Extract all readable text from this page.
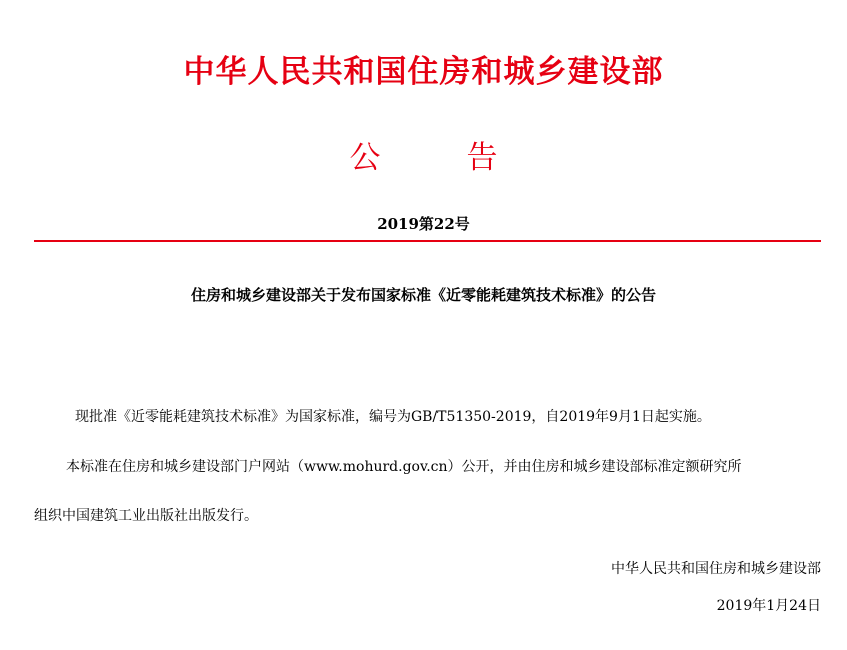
中华人民共和国住房和城乡建设部
公告
2019第22号
住房和城乡建设部关于发布国家标准《近零能耗建筑技术标准》的公告
现批准《近零能耗建筑技术标准》为国家标准，编号为GB/T51350-2019，自2019年9月1日起实施。
本标准在住房和城乡建设部门户网站（www.mohurd.gov.cn）公开，并由住房和城乡建设部标准定额研究所
组织中国建筑工业出版社出版发行。
中华人民共和国住房和城乡建设部
2019年1月24日
